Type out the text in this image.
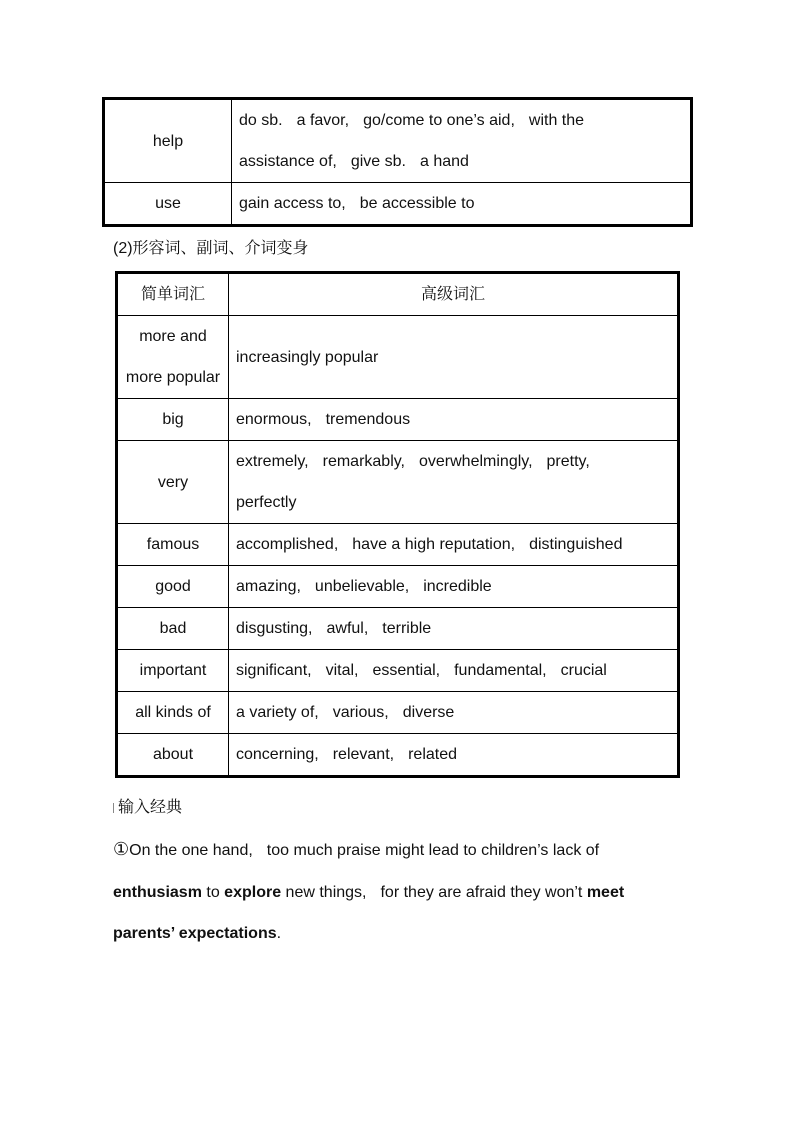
help	do sb. a favor, go/come to one’s aid, with the
assistance of, give sb. a hand
use	gain access to, be accessible to
(2)形容词、副词、介词变身
简单词汇	高级词汇
more and
more popular	increasingly popular
big	enormous, tremendous
very	extremely, remarkably, overwhelmingly, pretty,
perfectly
famous	accomplished, have a high reputation, distinguished
good	amazing, unbelievable, incredible
bad	disgusting, awful, terrible
important	significant, vital, essential, fundamental, crucial
all kinds of	a variety of, various, diverse
about	concerning, relevant, related
输入经典
①On the one hand, too much praise might lead to children’s lack of
enthusiasm to explore new things, for they are afraid they won’t meet
parents’ expectations.
